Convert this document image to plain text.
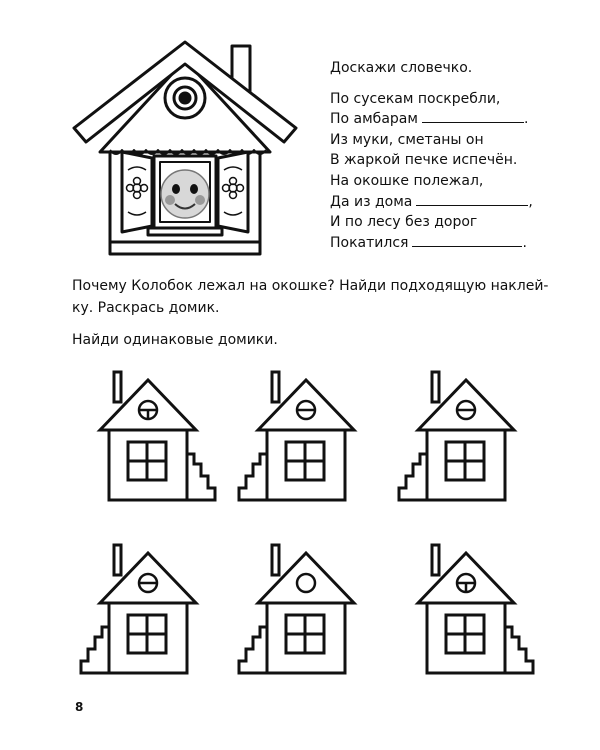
Доскажи словечко.
По сусекам поскребли,
По амбарам	.
Из муки, сметаны он
В жаркой печке испечён.
На окошке полежал,
Да из дома	,
И по лесу без дорог
Покатился	.
Почему Колобок лежал на окошке? Найди подходящую наклей-
ку. Раскрась домик.
Найди одинаковые домики.
8
